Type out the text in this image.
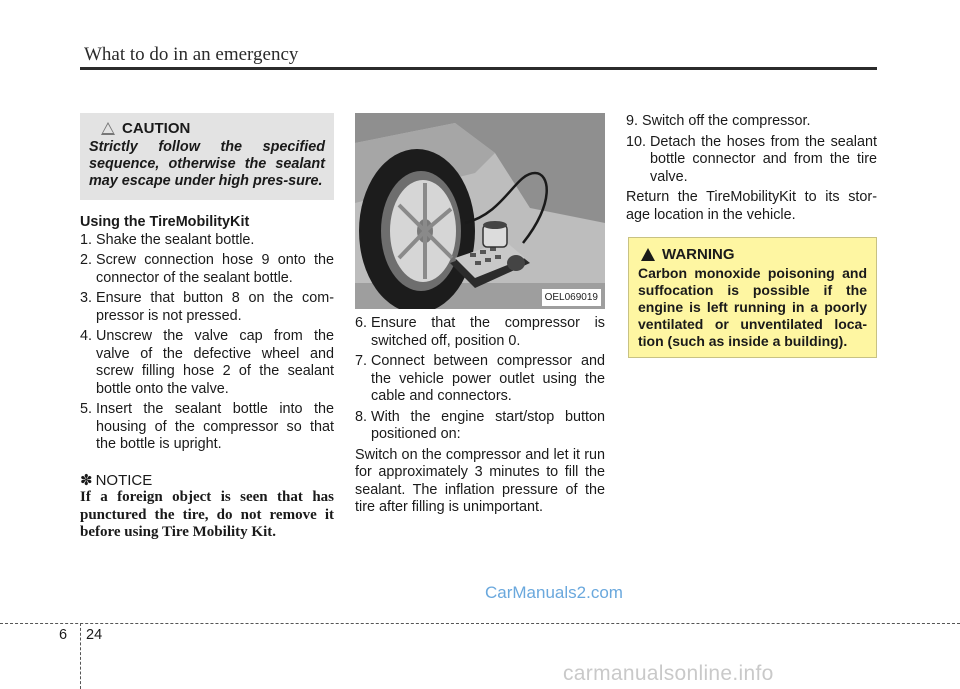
What to do in an emergency
CAUTION

Strictly follow the specified sequence, otherwise the sealant may escape under high pres-sure.

Using the TireMobilityKit

1. Shake the sealant bottle.
2. Screw connection hose 9 onto the connector of the sealant bottle.
3. Ensure that button 8 on the com-pressor is not pressed.
4. Unscrew the valve cap from the valve of the defective wheel and screw filling hose 2 of the sealant bottle onto the valve.
5. Insert the sealant bottle into the housing of the compressor so that the bottle is upright.
✽ NOTICE

If a foreign object is seen that has punctured the tire, do not remove it before using Tire Mobility Kit.

OEL069019
6. Ensure that the compressor is switched off, position 0.
7. Connect between compressor and the vehicle power outlet using the cable and connectors.
8. With the engine start/stop button positioned on:

Switch on the compressor and let it run for approximately 3 minutes to fill the sealant. The inflation pressure of the tire after filling is unimportant.

9. Switch off the compressor.
10. Detach the hoses from the sealant bottle connector and from the tire valve.

Return the TireMobilityKit to its stor-age location in the vehicle.

WARNING

Carbon monoxide poisoning and suffocation is possible if the engine is left running in a poorly ventilated or unventilated loca-tion (such as inside a building).

CarManuals2.com
6 24
carmanualsonline.info
